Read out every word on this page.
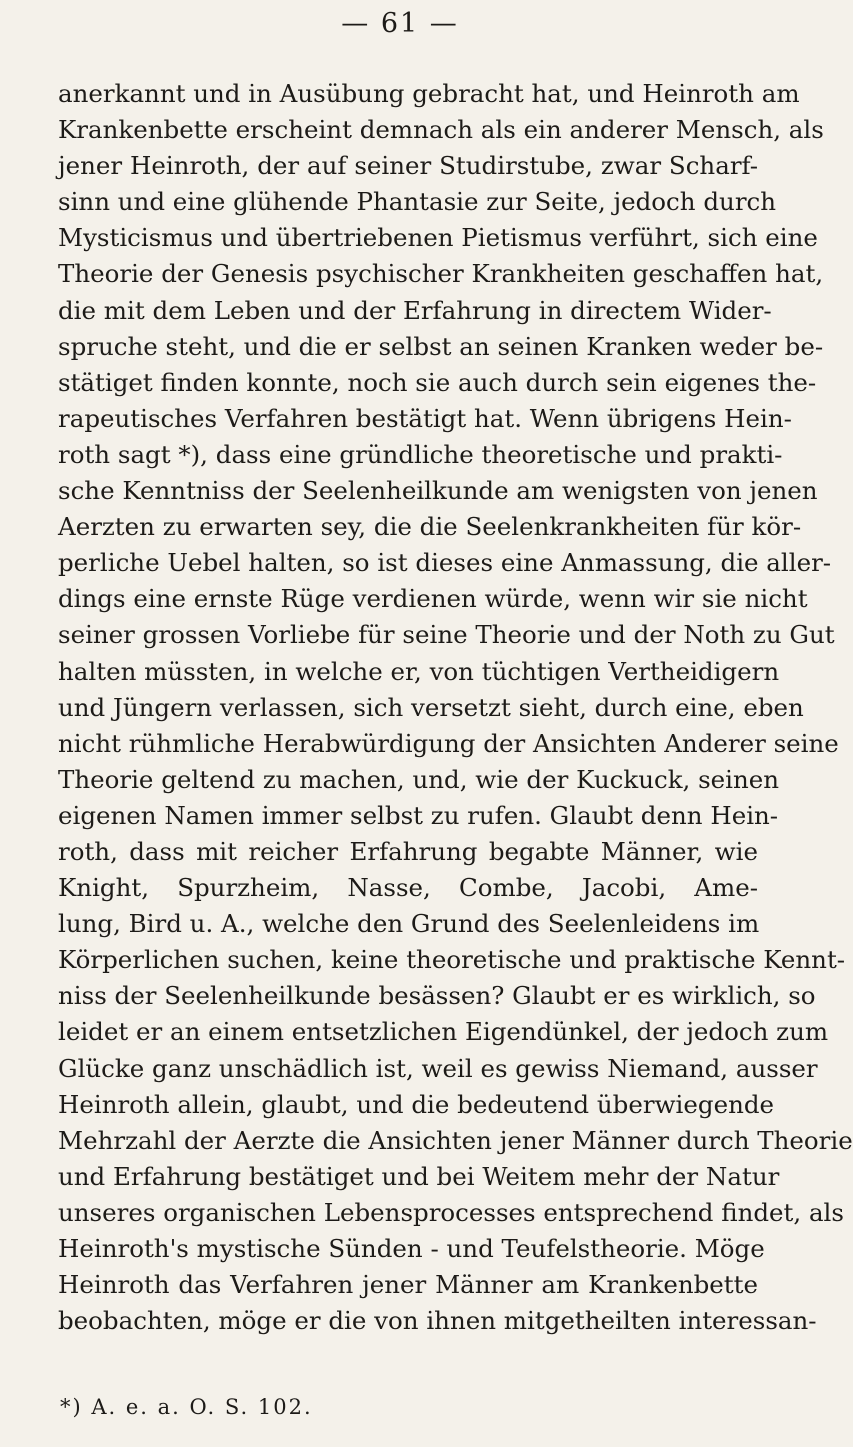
— 61 —
anerkannt und in Ausübung gebracht hat, und Heinroth am
Krankenbette erscheint demnach als ein anderer Mensch, als
jener Heinroth, der auf seiner Studirstube, zwar Scharf-
sinn und eine glühende Phantasie zur Seite, jedoch durch
Mysticismus und übertriebenen Pietismus verführt, sich eine
Theorie der Genesis psychischer Krankheiten geschaffen hat,
die mit dem Leben und der Erfahrung in directem Wider-
spruche steht, und die er selbst an seinen Kranken weder be-
stätiget finden konnte, noch sie auch durch sein eigenes the-
rapeutisches Verfahren bestätigt hat. Wenn übrigens Hein-
roth sagt *), dass eine gründliche theoretische und prakti-
sche Kenntniss der Seelenheilkunde am wenigsten von jenen
Aerzten zu erwarten sey, die die Seelenkrankheiten für kör-
perliche Uebel halten, so ist dieses eine Anmassung, die aller-
dings eine ernste Rüge verdienen würde, wenn wir sie nicht
seiner grossen Vorliebe für seine Theorie und der Noth zu Gut
halten müssten, in welche er, von tüchtigen Vertheidigern
und Jüngern verlassen, sich versetzt sieht, durch eine, eben
nicht rühmliche Herabwürdigung der Ansichten Anderer seine
Theorie geltend zu machen, und, wie der Kuckuck, seinen
eigenen Namen immer selbst zu rufen. Glaubt denn Hein-
roth, dass mit reicher Erfahrung begabte Männer, wie
Knight, Spurzheim, Nasse, Combe, Jacobi, Ame-
lung, Bird u. A., welche den Grund des Seelenleidens im
Körperlichen suchen, keine theoretische und praktische Kennt-
niss der Seelenheilkunde besässen? Glaubt er es wirklich, so
leidet er an einem entsetzlichen Eigendünkel, der jedoch zum
Glücke ganz unschädlich ist, weil es gewiss Niemand, ausser
Heinroth allein, glaubt, und die bedeutend überwiegende
Mehrzahl der Aerzte die Ansichten jener Männer durch Theorie
und Erfahrung bestätiget und bei Weitem mehr der Natur
unseres organischen Lebensprocesses entsprechend findet, als
Heinroth's mystische Sünden - und Teufelstheorie. Möge
Heinroth das Verfahren jener Männer am Krankenbette
beobachten, möge er die von ihnen mitgetheilten interessan-
*) A. e. a. O. S. 102.
